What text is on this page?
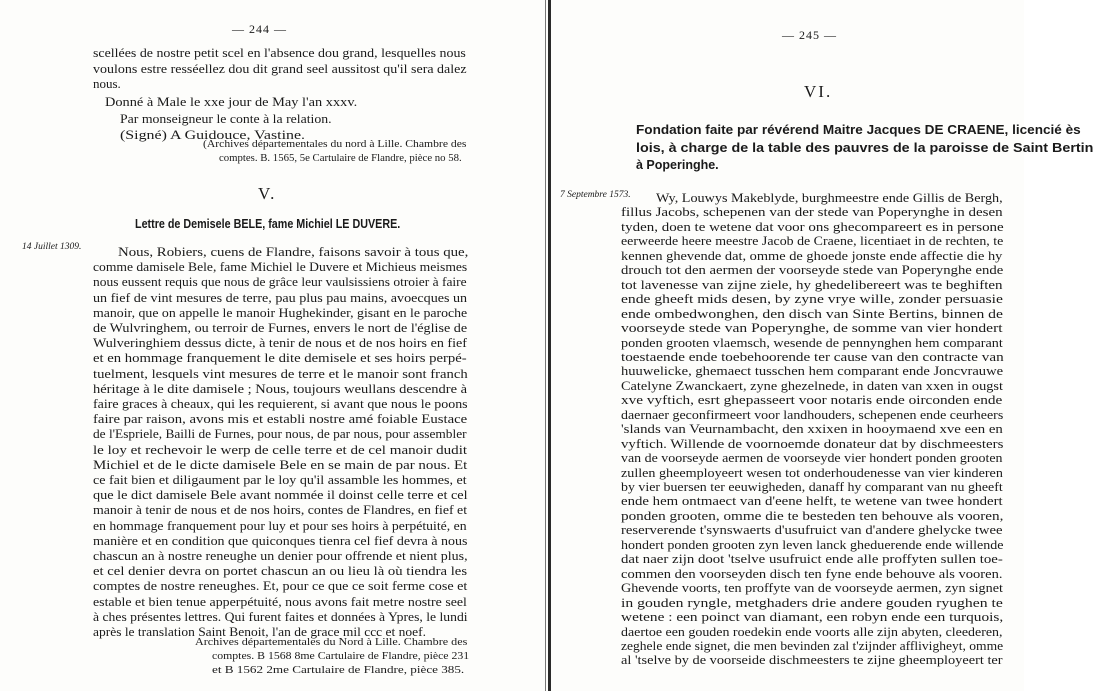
— 244 —
scellées de nostre petit scel en l'absence dou grand, lesquelles nous
voulons estre resséellez dou dit grand seel aussitost qu'il sera dalez
nous.
Donné à Male le xxe jour de May l'an xxxv.
Par monseigneur le conte à la relation.
(Signé) A Guidouce, Vastine.
(Archives départementales du nord à Lille. Chambre des
comptes. B. 1565, 5e Cartulaire de Flandre, pièce no 58.
V.
Lettre de Demisele BELE, fame Michiel LE DUVERE.
14 Juillet 1309.	Nous, Robiers, cuens de Flandre, faisons savoir à tous que,
comme damisele Bele, fame Michiel le Duvere et Michieus meismes
nous eussent requis que nous de grâce leur vaulsissiens otroier à faire
un fief de vint mesures de terre, pau plus pau mains, avoecques un
manoir, que on appelle le manoir Hughekinder, gisant en le paroche
de Wulvringhem, ou terroir de Furnes, envers le nort de l'église de
Wulveringhiem dessus dicte, à tenir de nous et de nos hoirs en fief
et en hommage franquement le dite demisele et ses hoirs perpé-
tuelment, lesquels vint mesures de terre et le manoir sont franch
héritage à le dite damisele ; Nous, toujours weullans descendre à
faire graces à cheaux, qui les requierent, si avant que nous le poons
faire par raison, avons mis et establi nostre amé foiable Eustace
de l'Espriele, Bailli de Furnes, pour nous, de par nous, pour assembler
le loy et rechevoir le werp de celle terre et de cel manoir dudit
Michiel et de le dicte damisele Bele en se main de par nous. Et
ce fait bien et diligaument par le loy qu'il assamble les hommes, et
que le dict damisele Bele avant nommée il doinst celle terre et cel
manoir à tenir de nous et de nos hoirs, contes de Flandres, en fief et
en hommage franquement pour luy et pour ses hoirs à perpétuité, en
manière et en condition que quiconques tienra cel fief devra à nous
chascun an à nostre reneughe un denier pour offrende et nient plus,
et cel denier devra on portet chascun an ou lieu là où tiendra les
comptes de nostre reneughes. Et, pour ce que ce soit ferme cose et
estable et bien tenue apperpétuité, nous avons fait metre nostre seel
à ches présentes lettres. Qui furent faites et données à Ypres, le lundi
après le translation Saint Benoit, l'an de grace mil ccc et noef.
Archives départementales du Nord à Lille. Chambre des
comptes. B 1568 8me Cartulaire de Flandre, pièce 231
et B 1562 2me Cartulaire de Flandre, pièce 385.
— 245 —
VI.
Fondation faite par révérend Maitre Jacques DE CRAENE, licencié ès
lois, à charge de la table des pauvres de la paroisse de Saint Bertin
à Poperinghe.
7 Septembre 1573. Wy, Louwys Makeblyde, burghmeestre ende Gillis de Bergh,
fillus Jacobs, schepenen van der stede van Poperynghe in desen
tyden, doen te wetene dat voor ons ghecompareert es in persone
eerweerde heere meestre Jacob de Craene, licentiaet in de rechten, te
kennen ghevende dat, omme de ghoede jonste ende affectie die hy
drouch tot den aermen der voorseyde stede van Poperynghe ende
tot lavenesse van zijne ziele, hy ghedelibereert was te beghiften
ende gheeft mids desen, by zyne vrye wille, zonder persuasie
ende ombedwonghen, den disch van Sinte Bertins, binnen de
voorseyde stede van Poperynghe, de somme van vier hondert
ponden grooten vlaemsch, wesende de pennynghen hem comparant
toestaende ende toebehoorende ter cause van den contracte van
huuwelicke, ghemaect tusschen hem comparant ende Joncvrauwe
Catelyne Zwanckaert, zyne ghezelnede, in daten van xxen in ougst
xve vyftich, esrt ghepasseert voor notaris ende oirconden ende
daernaer geconfirmeert voor landhouders, schepenen ende ceurheers
'slands van Veurnambacht, den xxixen in hooymaend xve een en
vyftich. Willende de voornoemde donateur dat by dischmeesters
van de voorseyde aermen de voorseyde vier hondert ponden grooten
zullen gheemployeert wesen tot onderhoudenesse van vier kinderen
by vier buersen ter eeuwigheden, danaff hy comparant van nu gheeft
ende hem ontmaect van d'eene helft, te wetene van twee hondert
ponden grooten, omme die te besteden ten behouve als vooren,
reserverende t'synswaerts d'usufruict van d'andere ghelycke twee
hondert ponden grooten zyn leven lanck gheduerende ende willende
dat naer zijn doot 'tselve usufruict ende alle proffyten sullen toe-
commen den voorseyden disch ten fyne ende behouve als vooren.
Ghevende voorts, ten proffyte van de voorseyde aermen, zyn signet
in gouden ryngle, metghaders drie andere gouden ryughen te
wetene : een poinct van diamant, een robyn ende een turquois,
daertoe een gouden roedekin ende voorts alle zijn abyten, cleederen,
zeghele ende signet, die men bevinden zal t'zijnder afflivigheyt, omme
al 'tselve by de voorseide dischmeesters te zijne gheemployeert ter
